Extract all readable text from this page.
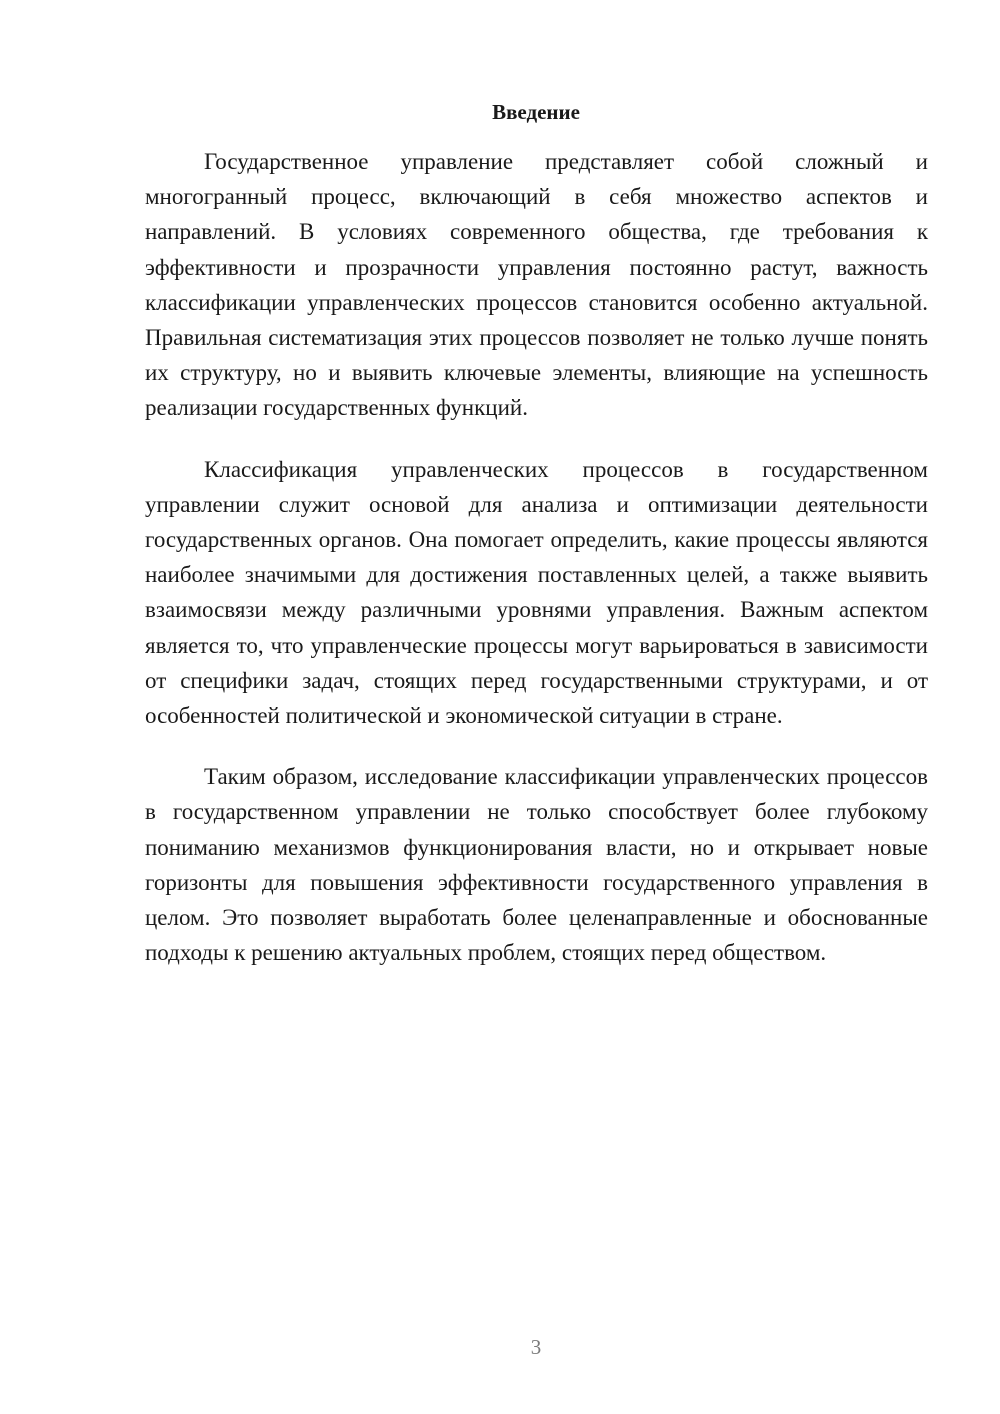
Введение

Государственное управление представляет собой сложный и многогранный процесс, включающий в себя множество аспектов и направлений. В условиях современного общества, где требования к эффективности и прозрачности управления постоянно растут, важность классификации управленческих процессов становится особенно актуальной. Правильная систематизация этих процессов позволяет не только лучше понять их структуру, но и выявить ключевые элементы, влияющие на успешность реализации государственных функций.

Классификация управленческих процессов в государственном управлении служит основой для анализа и оптимизации деятельности государственных органов. Она помогает определить, какие процессы являются наиболее значимыми для достижения поставленных целей, а также выявить взаимосвязи между различными уровнями управления. Важным аспектом является то, что управленческие процессы могут варьироваться в зависимости от специфики задач, стоящих перед государственными структурами, и от особенностей политической и экономической ситуации в стране.

Таким образом, исследование классификации управленческих процессов в государственном управлении не только способствует более глубокому пониманию механизмов функционирования власти, но и открывает новые горизонты для повышения эффективности государственного управления в целом. Это позволяет выработать более целенаправленные и обоснованные подходы к решению актуальных проблем, стоящих перед обществом.

3
